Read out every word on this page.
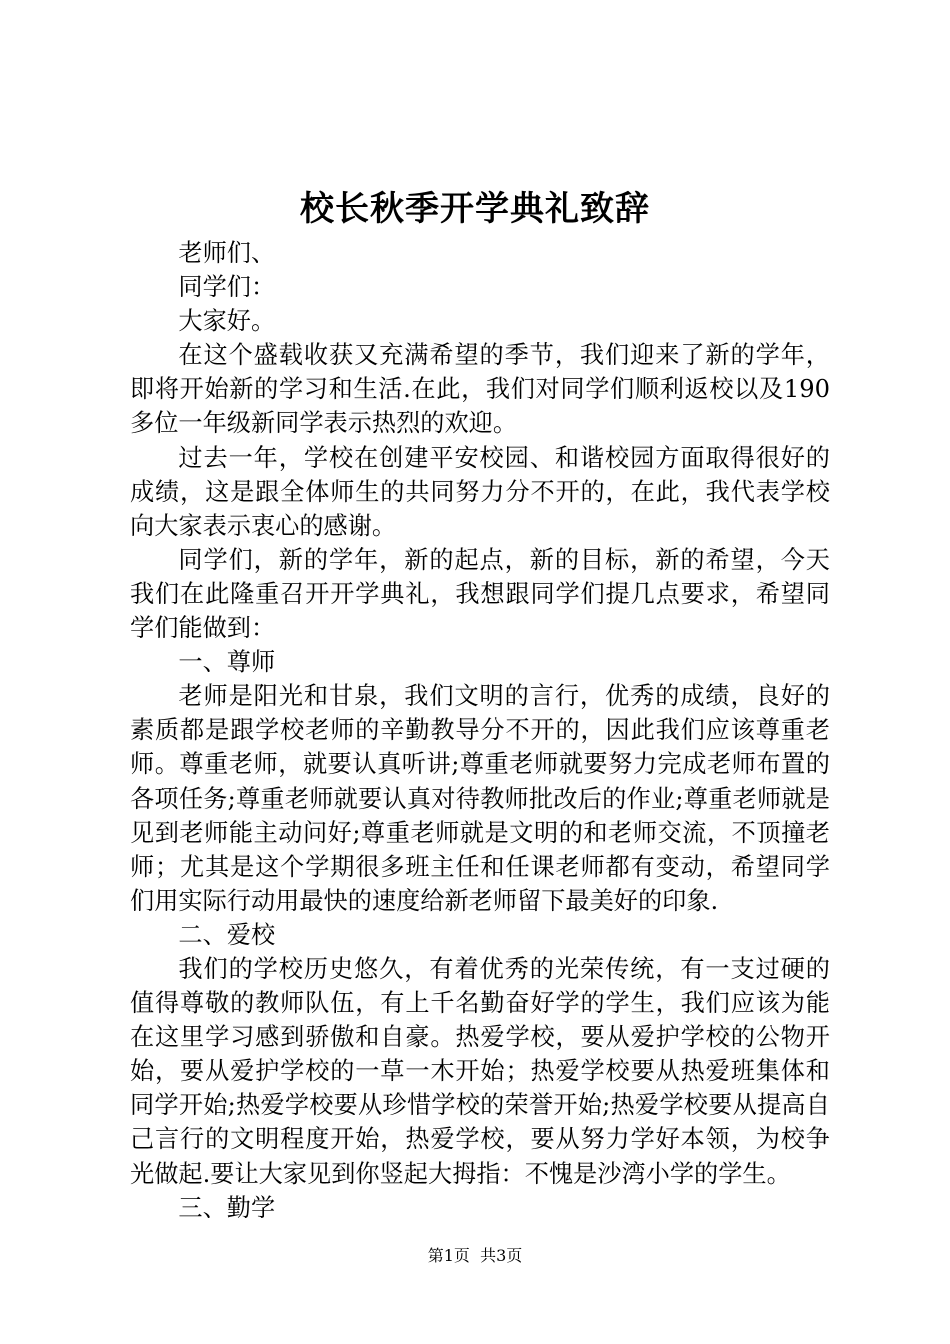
校长秋季开学典礼致辞

老师们、

同学们：

大家好。

在这个盛载收获又充满希望的季节，我们迎来了新的学年，即将开始新的学习和生活.在此，我们对同学们顺利返校以及190多位一年级新同学表示热烈的欢迎。

过去一年，学校在创建平安校园、和谐校园方面取得很好的成绩，这是跟全体师生的共同努力分不开的，在此，我代表学校向大家表示衷心的感谢。

同学们，新的学年，新的起点，新的目标，新的希望，今天我们在此隆重召开开学典礼，我想跟同学们提几点要求，希望同学们能做到：

一、尊师

老师是阳光和甘泉，我们文明的言行，优秀的成绩，良好的素质都是跟学校老师的辛勤教导分不开的，因此我们应该尊重老师。尊重老师，就要认真听讲;尊重老师就要努力完成老师布置的各项任务;尊重老师就要认真对待教师批改后的作业;尊重老师就是见到老师能主动问好;尊重老师就是文明的和老师交流，不顶撞老师；尤其是这个学期很多班主任和任课老师都有变动，希望同学们用实际行动用最快的速度给新老师留下最美好的印象.

二、爱校

我们的学校历史悠久，有着优秀的光荣传统，有一支过硬的值得尊敬的教师队伍，有上千名勤奋好学的学生，我们应该为能在这里学习感到骄傲和自豪。热爱学校，要从爱护学校的公物开始，要从爱护学校的一草一木开始；热爱学校要从热爱班集体和同学开始;热爱学校要从珍惜学校的荣誉开始;热爱学校要从提高自己言行的文明程度开始，热爱学校，要从努力学好本领，为校争光做起.要让大家见到你竖起大拇指：不愧是沙湾小学的学生。

三、勤学

第1页 共3页
